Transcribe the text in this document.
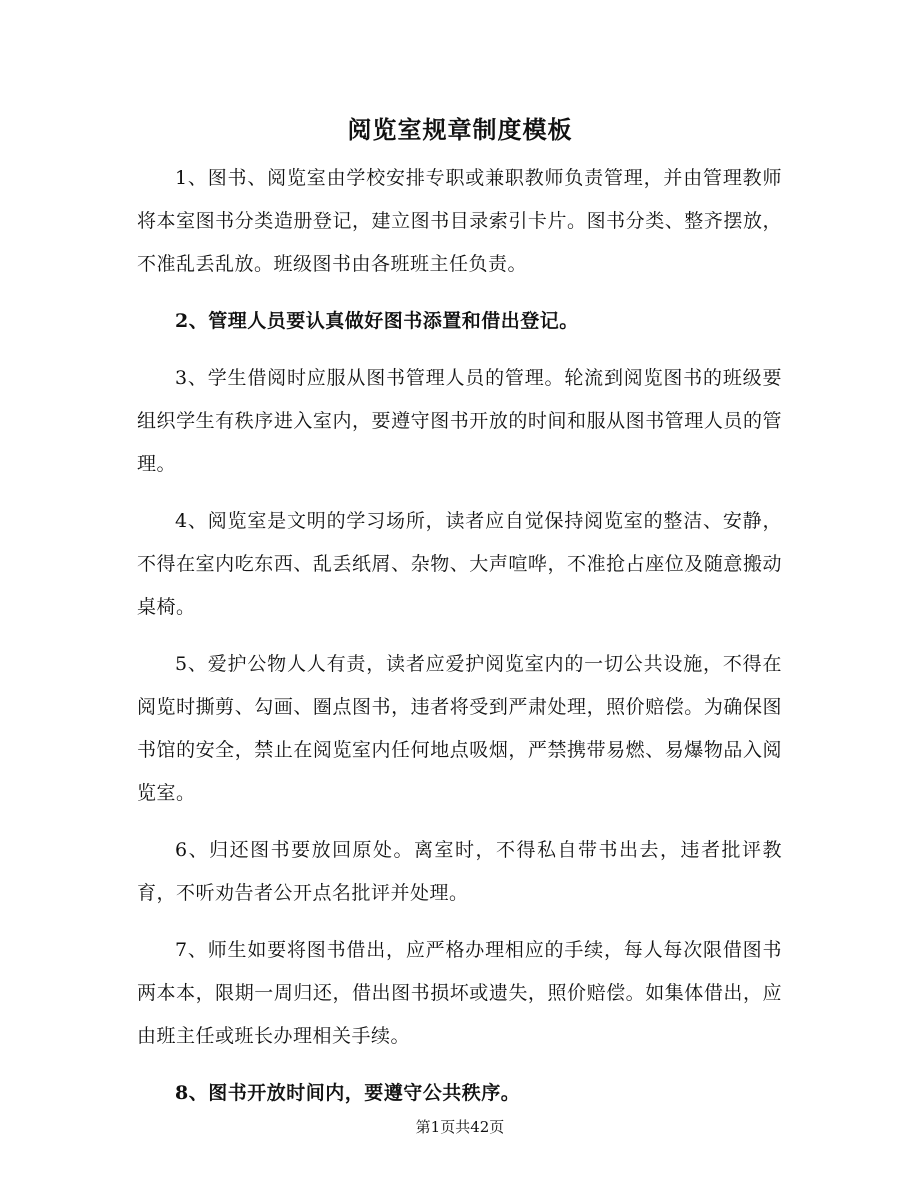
阅览室规章制度模板

1、图书、阅览室由学校安排专职或兼职教师负责管理，并由管理教师将本室图书分类造册登记，建立图书目录索引卡片。图书分类、整齐摆放，不准乱丢乱放。班级图书由各班班主任负责。

2、管理人员要认真做好图书添置和借出登记。

3、学生借阅时应服从图书管理人员的管理。轮流到阅览图书的班级要组织学生有秩序进入室内，要遵守图书开放的时间和服从图书管理人员的管理。

4、阅览室是文明的学习场所，读者应自觉保持阅览室的整洁、安静，不得在室内吃东西、乱丢纸屑、杂物、大声喧哗，不准抢占座位及随意搬动桌椅。

5、爱护公物人人有责，读者应爱护阅览室内的一切公共设施，不得在阅览时撕剪、勾画、圈点图书，违者将受到严肃处理，照价赔偿。为确保图书馆的安全，禁止在阅览室内任何地点吸烟，严禁携带易燃、易爆物品入阅览室。

6、归还图书要放回原处。离室时，不得私自带书出去，违者批评教育，不听劝告者公开点名批评并处理。

7、师生如要将图书借出，应严格办理相应的手续，每人每次限借图书两本本，限期一周归还，借出图书损坏或遗失，照价赔偿。如集体借出，应由班主任或班长办理相关手续。

8、图书开放时间内，要遵守公共秩序。

第1页共42页
